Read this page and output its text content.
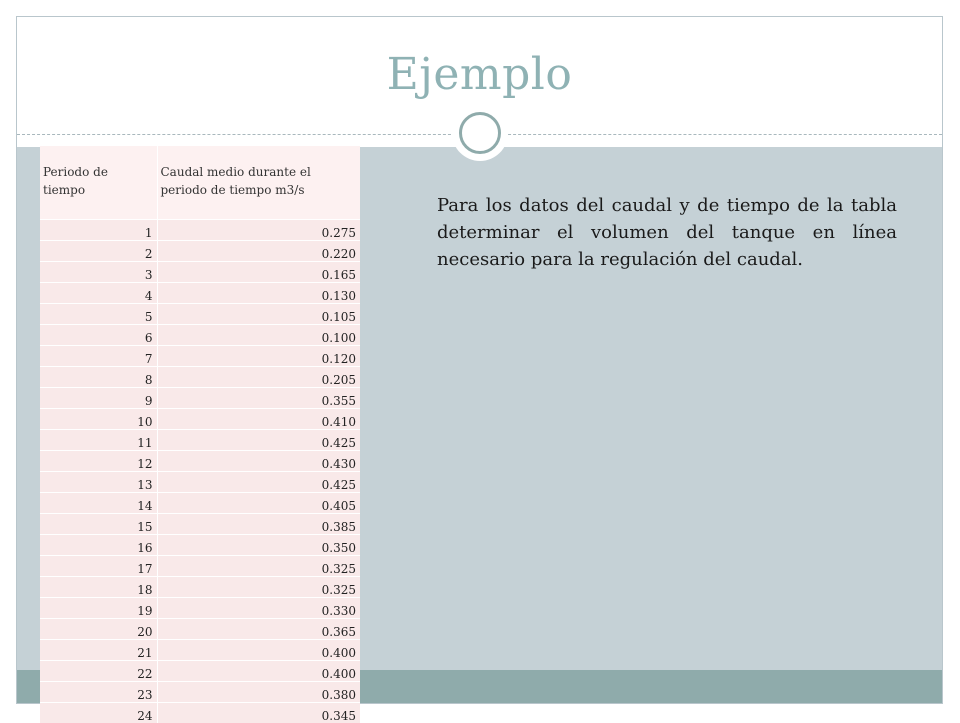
Ejemplo
Periodo de tiempo	Caudal medio durante el periodo de tiempo m3/s
1	0.275
2	0.220
3	0.165
4	0.130
5	0.105
6	0.100
7	0.120
8	0.205
9	0.355
10	0.410
11	0.425
12	0.430
13	0.425
14	0.405
15	0.385
16	0.350
17	0.325
18	0.325
19	0.330
20	0.365
21	0.400
22	0.400
23	0.380
24	0.345
Para los datos del caudal y de tiempo de la tabla determinar el volumen del tanque en línea necesario para la regulación del caudal.
